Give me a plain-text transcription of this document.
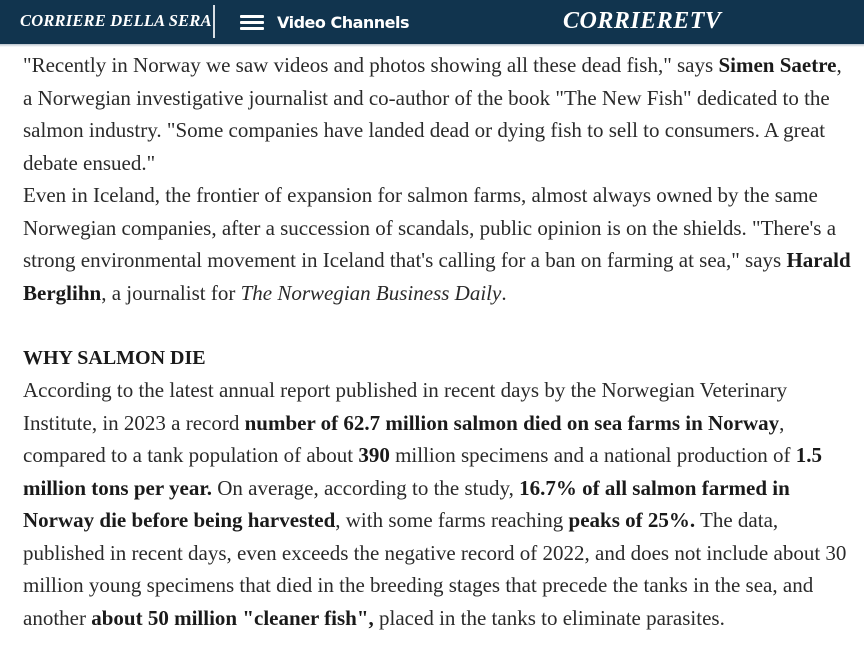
CORRIERE DELLA SERA	Video Channels	CORRIERETV

"Recently in Norway we saw videos and photos showing all these dead fish," says Simen Saetre, a Norwegian investigative journalist and co-author of the book "The New Fish" dedicated to the salmon industry. "Some companies have landed dead or dying fish to sell to consumers. A great debate ensued."

Even in Iceland, the frontier of expansion for salmon farms, almost always owned by the same Norwegian companies, after a succession of scandals, public opinion is on the shields. "There's a strong environmental movement in Iceland that's calling for a ban on farming at sea," says Harald Berglihn, a journalist for The Norwegian Business Daily.

WHY SALMON DIE

According to the latest annual report published in recent days by the Norwegian Veterinary Institute, in 2023 a record number of 62.7 million salmon died on sea farms in Norway, compared to a tank population of about 390 million specimens and a national production of 1.5 million tons per year. On average, according to the study, 16.7% of all salmon farmed in Norway die before being harvested, with some farms reaching peaks of 25%. The data, published in recent days, even exceeds the negative record of 2022, and does not include about 30 million young specimens that died in the breeding stages that precede the tanks in the sea, and another about 50 million "cleaner fish", placed in the tanks to eliminate parasites.
